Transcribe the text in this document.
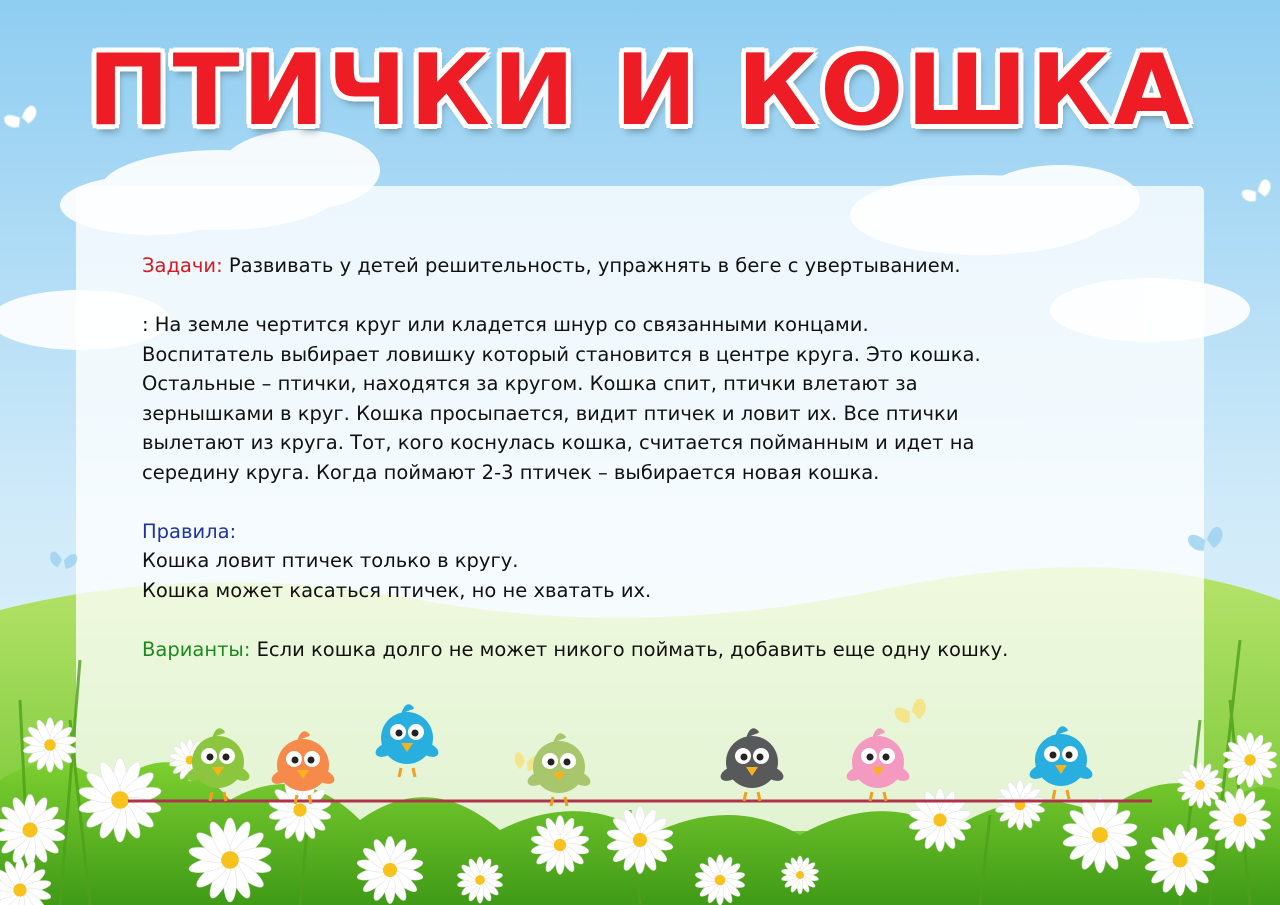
ПТИЧКИ И КОШКА

Задачи: Развивать у детей решительность, упражнять в беге с увертыванием.

: На земле чертится круг или кладется шнур со связанными концами.

Воспитатель выбирает ловишку который становится в центре круга. Это кошка.

Остальные – птички, находятся за кругом. Кошка спит, птички влетают за

зернышками в круг. Кошка просыпается, видит птичек и ловит их. Все птички

вылетают из круга. Тот, кого коснулась кошка, считается пойманным и идет на

середину круга. Когда поймают 2-3 птичек – выбирается новая кошка.

Правила:

Кошка ловит птичек только в кругу.

Кошка может касаться птичек, но не хватать их.

Варианты: Если кошка долго не может никого поймать, добавить еще одну кошку.
